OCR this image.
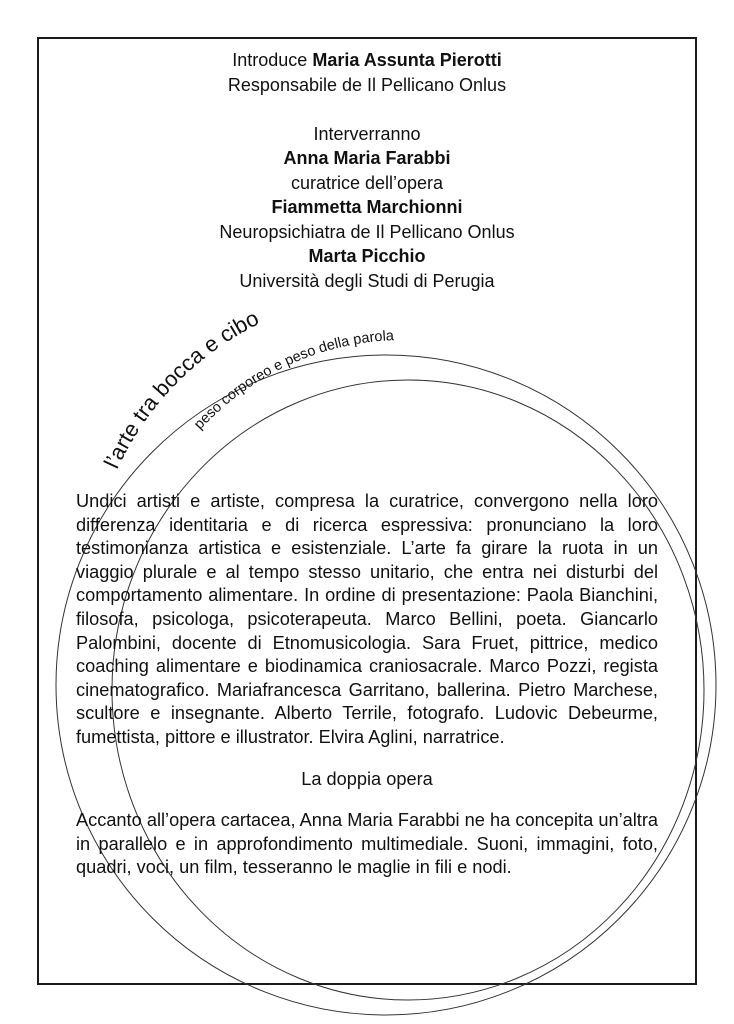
l’arte tra bocca e cibo
peso corporeo e peso della parola
Introduce Maria Assunta Pierotti
Responsabile de Il Pellicano Onlus
Interverranno
Anna Maria Farabbi
curatrice dell’opera
Fiammetta Marchionni
Neuropsichiatra de Il Pellicano Onlus
Marta Picchio
Università degli Studi di Perugia

Undici artisti e artiste, compresa la curatrice, convergono nella loro differenza identitaria e di ricerca espressiva: pronunciano la loro testimonianza artistica e esistenziale. L’arte fa girare la ruota in un viaggio plurale e al tempo stesso unitario, che entra nei disturbi del comportamento alimentare. In ordine di presentazione: Paola Bianchini, filosofa, psicologa, psicoterapeuta. Marco Bellini, poeta. Giancarlo Palombini, docente di Etnomusicologia. Sara Fruet, pittrice, medico coaching alimentare e biodinamica craniosacrale. Marco Pozzi, regista cinematografico. Mariafrancesca Garritano, ballerina. Pietro Marchese, scultore e insegnante. Alberto Terrile, fotografo. Ludovic Debeurme, fumettista, pittore e illustrator. Elvira Aglini, narratrice.

La doppia opera

Accanto all’opera cartacea, Anna Maria Farabbi ne ha concepita un’altra in parallelo e in approfondimento multimediale. Suoni, immagini, foto, quadri, voci, un film, tesseranno le maglie in fili e nodi.
